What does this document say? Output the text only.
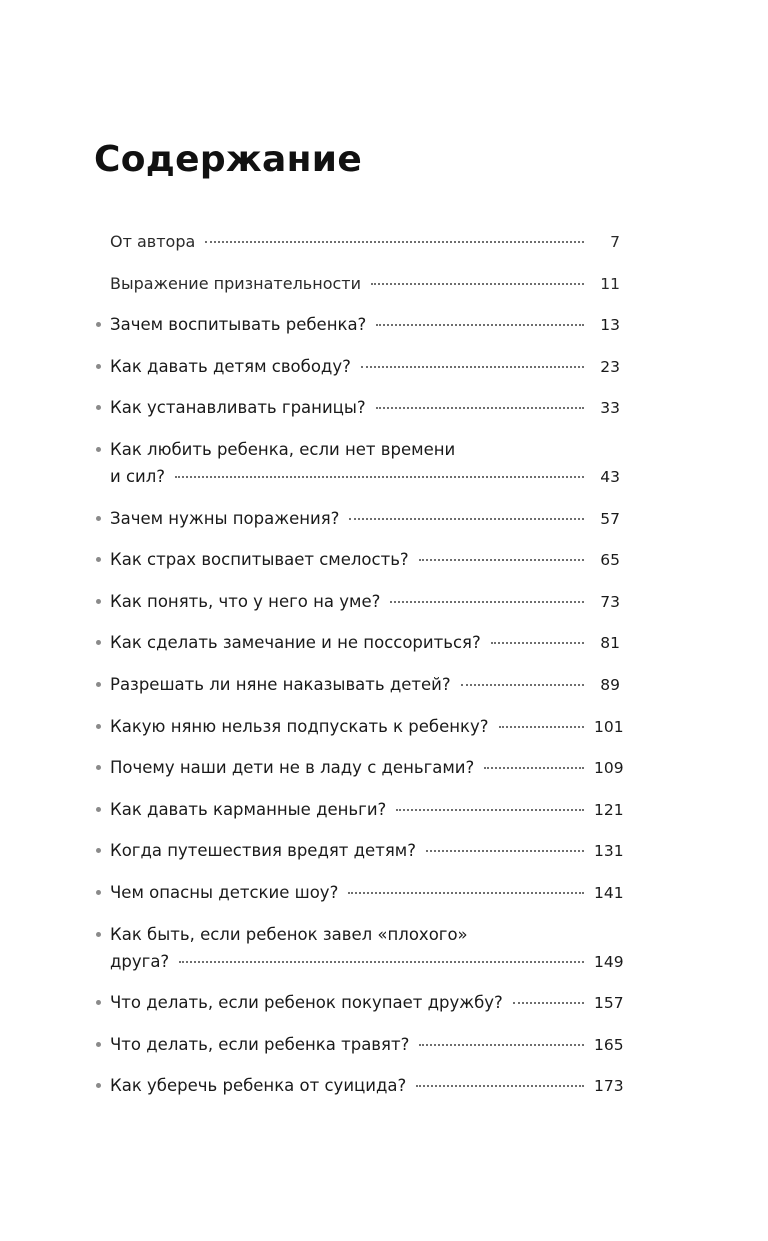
Содержание
От автора	7
Выражение признательности	11
Зачем воспитывать ребенка?	13
Как давать детям свободу?	23
Как устанавливать границы?	33
Как любить ребенка, если нет времени
и сил?	43
Зачем нужны поражения?	57
Как страх воспитывает смелость?	65
Как понять, что у него на уме?	73
Как сделать замечание и не поссориться?	81
Разрешать ли няне наказывать детей?	89
Какую няню нельзя подпускать к ребенку?	101
Почему наши дети не в ладу с деньгами?	109
Как давать карманные деньги?	121
Когда путешествия вредят детям?	131
Чем опасны детские шоу?	141
Как быть, если ребенок завел «плохого»
друга?	149
Что делать, если ребенок покупает дружбу?	157
Что делать, если ребенка травят?	165
Как уберечь ребенка от суицида?	173
